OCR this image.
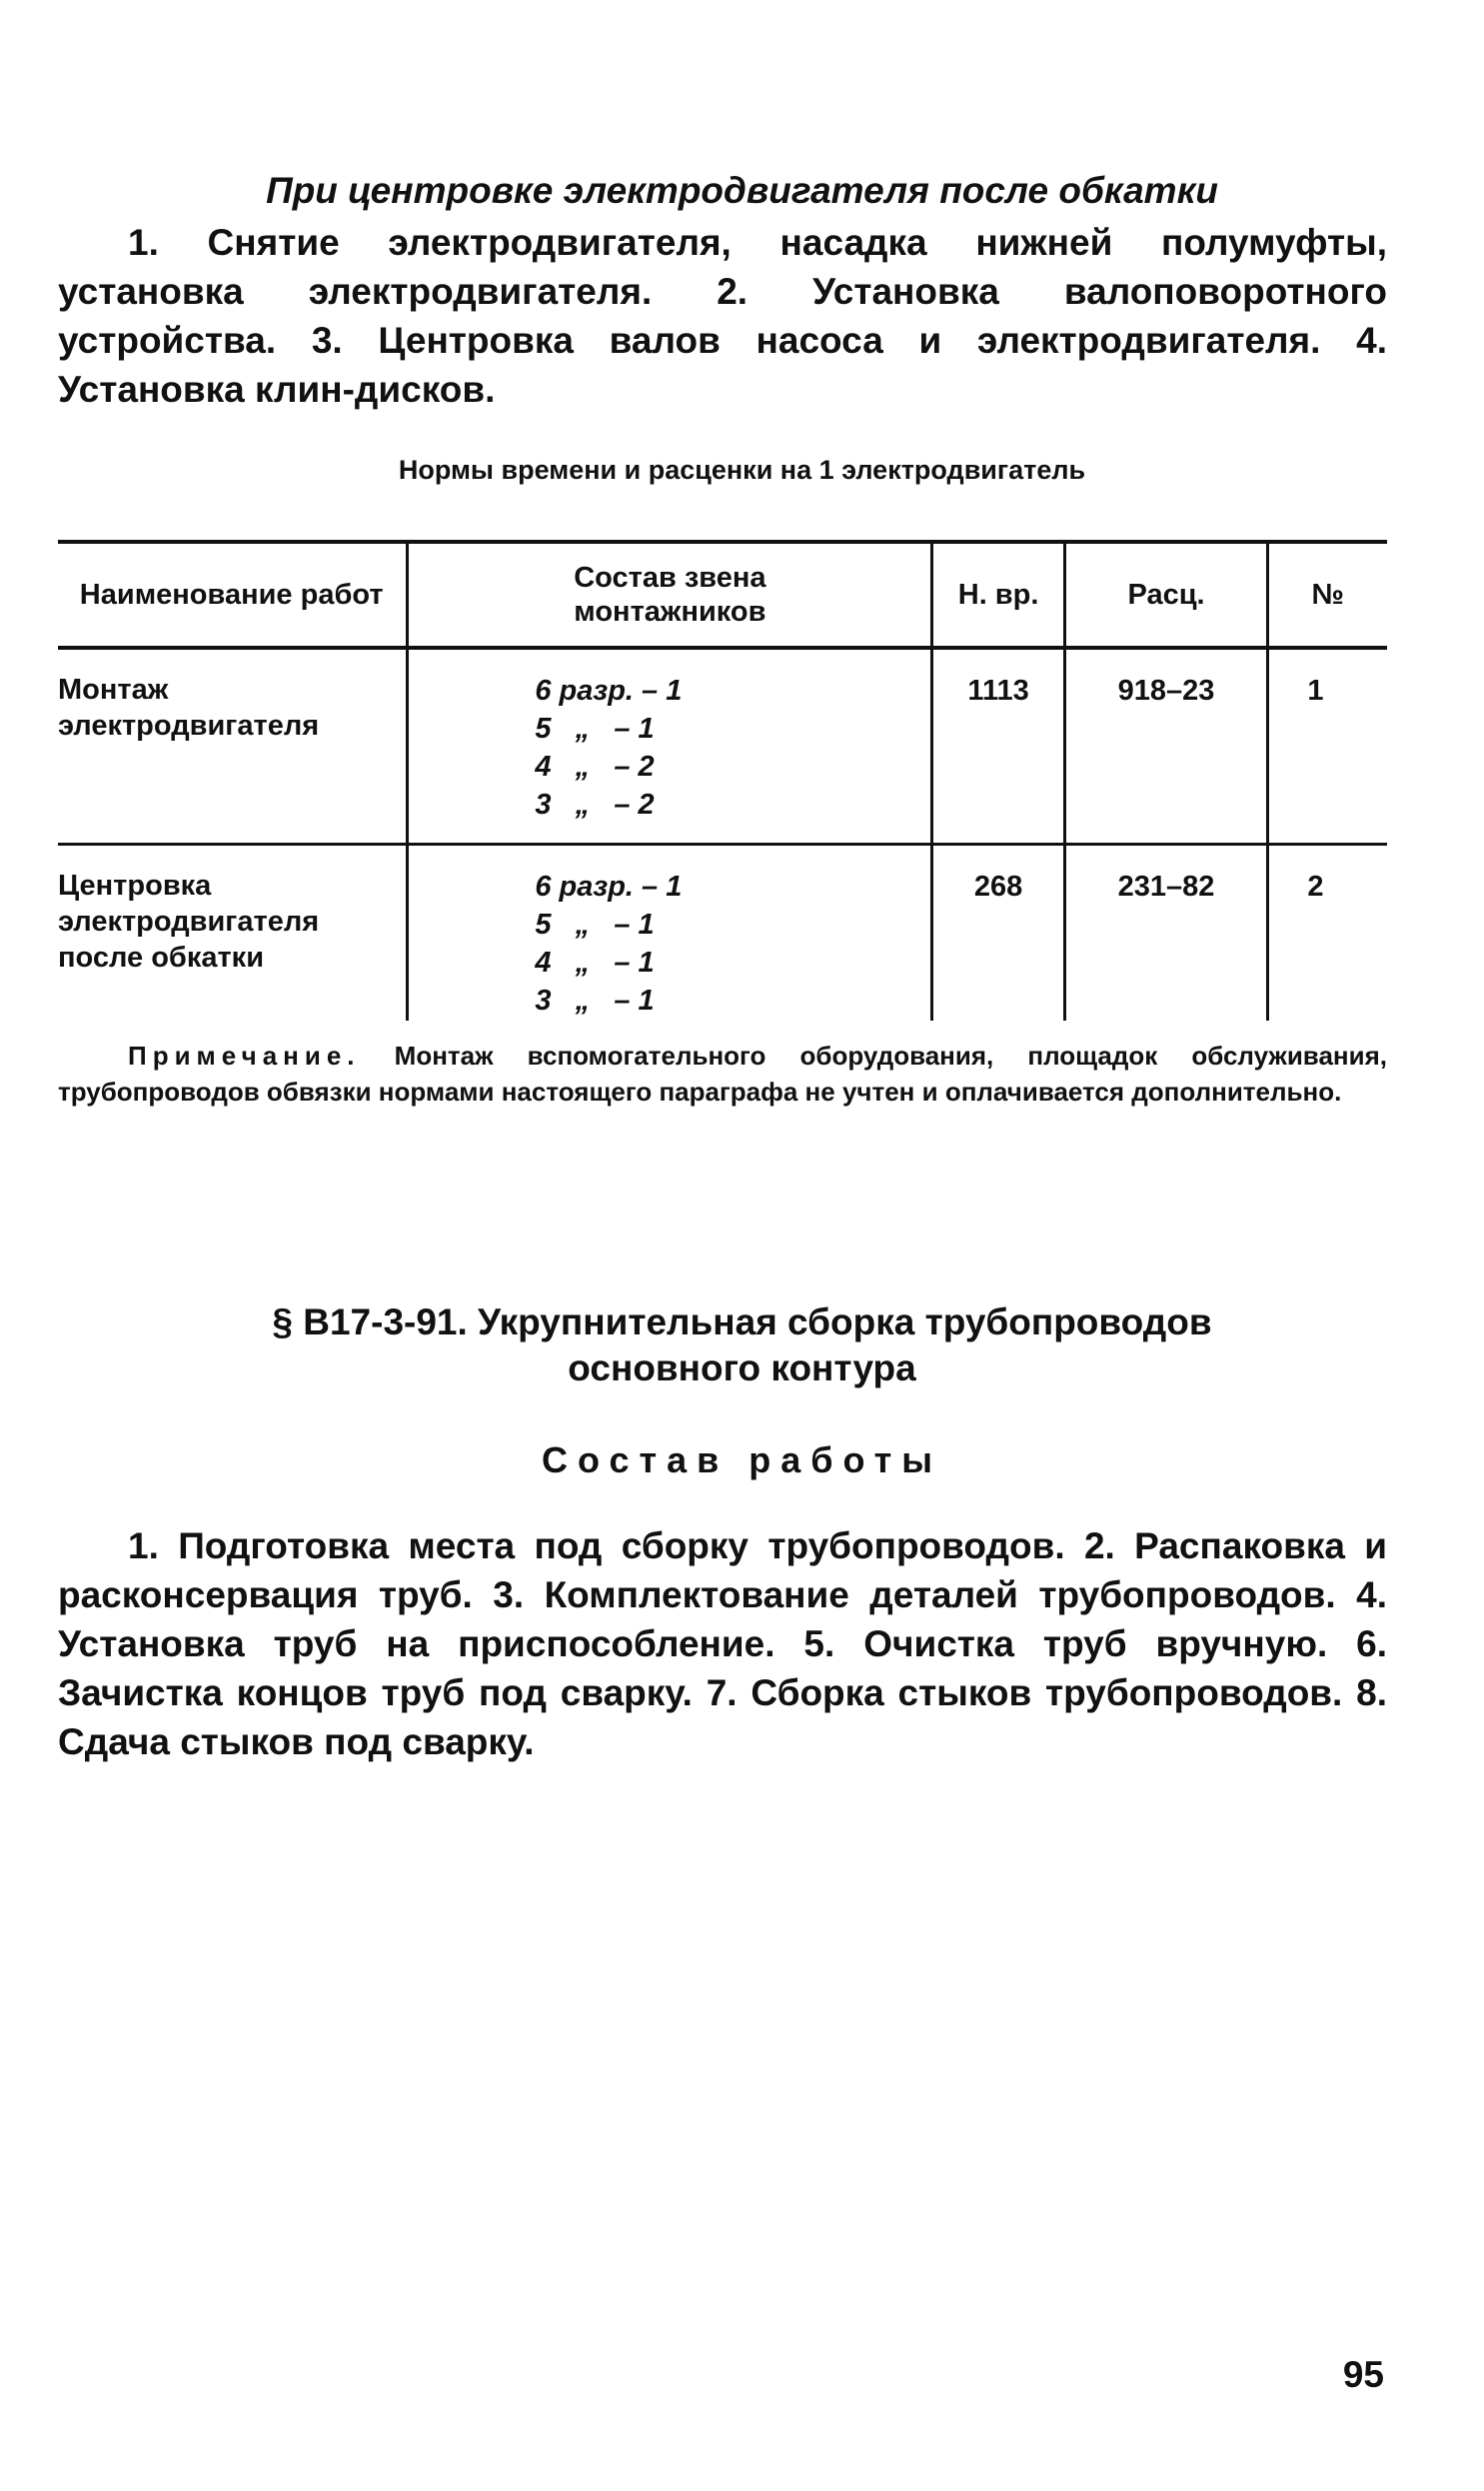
При центровке электродвигателя после обкатки
1. Снятие электродвигателя, насадка нижней полумуфты, установка электродвигателя. 2. Установка валоповоротного устройства. 3. Центровка валов насоса и электродвигателя. 4. Установка клин-дисков.
Нормы времени и расценки на 1 электродвигатель
Наименование работ	Состав звена монтажников	Н. вр.	Расц.	№

Монтаж электродвигателя	6 разр. – 1
5   „   – 1
4   „   – 2
3   „   – 2	1113	918–23	1

Центровка электродвигателя после обкатки	6 разр. – 1
5   „   – 1
4   „   – 1
3   „   – 1	268	231–82	2
Примечание. Монтаж вспомогательного оборудования, площадок обслуживания, трубопроводов обвязки нормами настоящего параграфа не учтен и оплачивается дополнительно.
§ В17-3-91. Укрупнительная сборка трубопроводов
основного контура
Состав работы
1. Подготовка места под сборку трубопроводов. 2. Распаковка и расконсервация труб. 3. Комплектование деталей трубопроводов. 4. Установка труб на приспособление. 5. Очистка труб вручную. 6. Зачистка концов труб под сварку. 7. Сборка стыков трубопроводов. 8. Сдача стыков под сварку.
95
